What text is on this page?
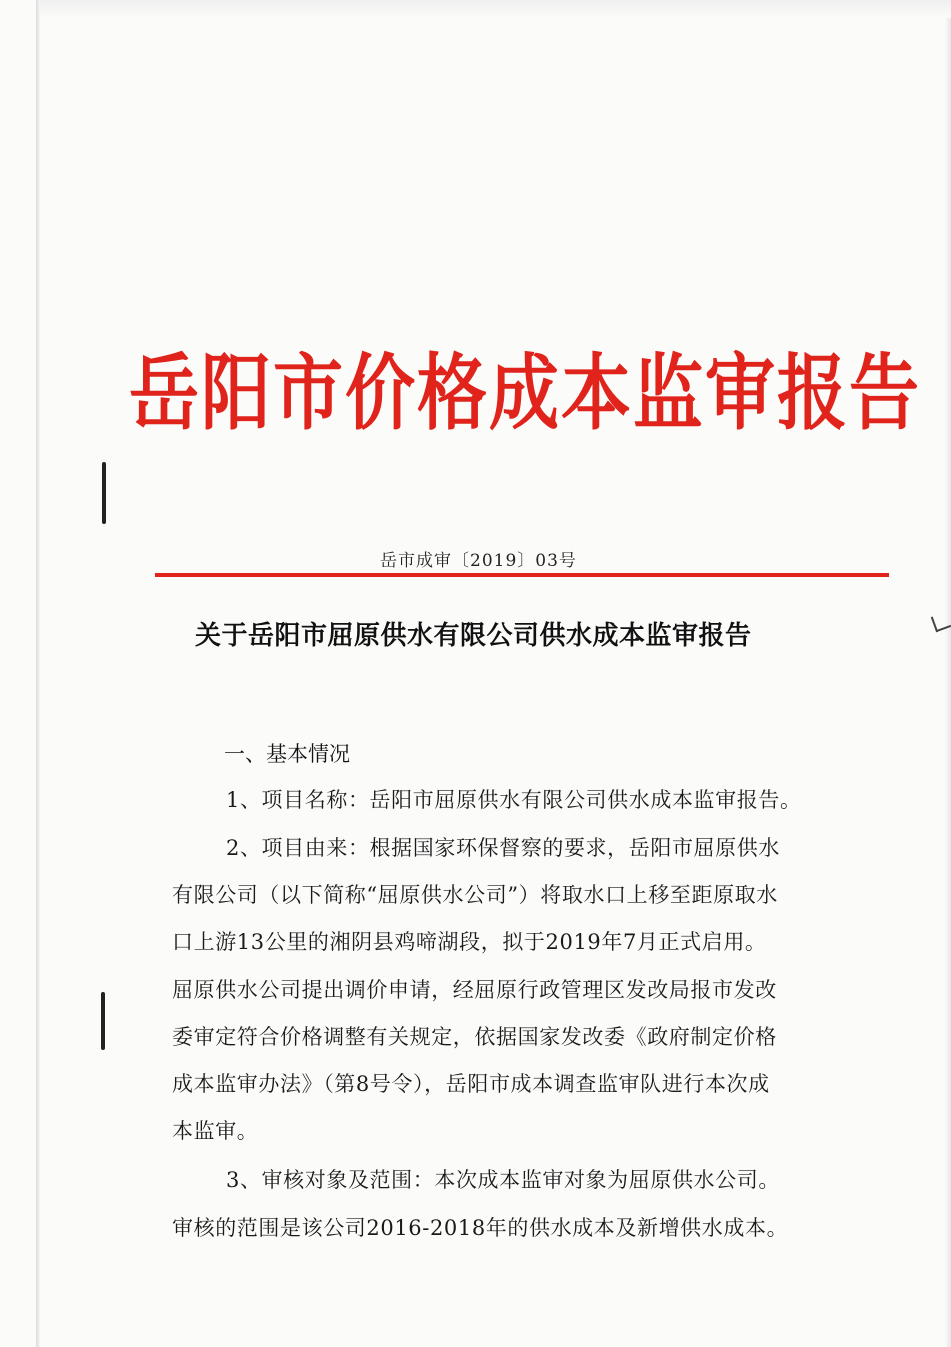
岳阳市价格成本监审报告
岳市成审〔2019〕03号
关于岳阳市屈原供水有限公司供水成本监审报告
一、基本情况
1、项目名称：岳阳市屈原供水有限公司供水成本监审报告。
2、项目由来：根据国家环保督察的要求，岳阳市屈原供水
有限公司（以下简称“屈原供水公司”）将取水口上移至距原取水
口上游13公里的湘阴县鸡啼湖段，拟于2019年7月正式启用。
屈原供水公司提出调价申请，经屈原行政管理区发改局报市发改
委审定符合价格调整有关规定，依据国家发改委《政府制定价格
成本监审办法》（第8号令），岳阳市成本调查监审队进行本次成
本监审。
3、审核对象及范围：本次成本监审对象为屈原供水公司。
审核的范围是该公司2016-2018年的供水成本及新增供水成本。
